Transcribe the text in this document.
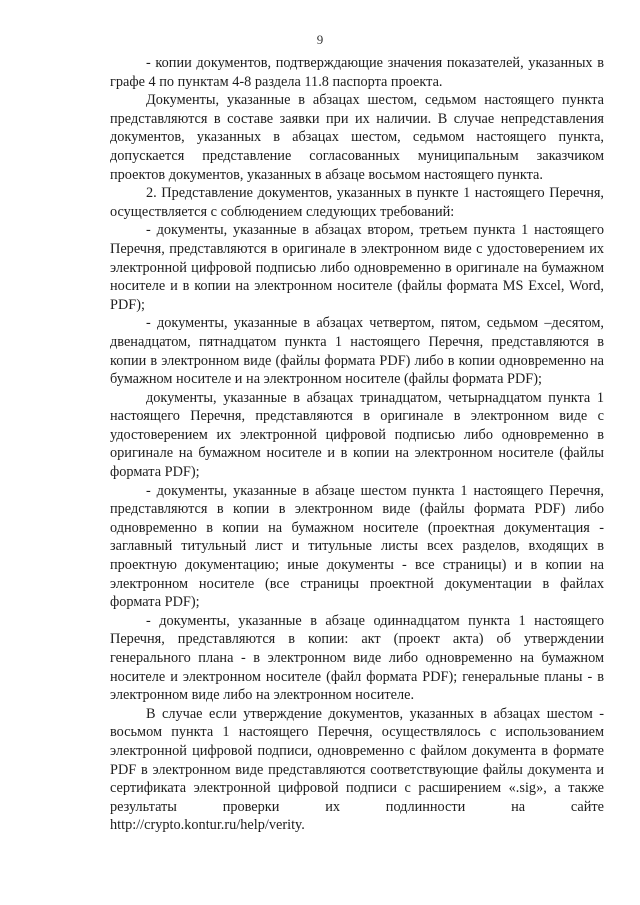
9

- копии документов, подтверждающие значения показателей, указанных в графе 4 по пунктам 4-8 раздела 11.8 паспорта проекта.

Документы, указанные в абзацах шестом, седьмом настоящего пункта представляются в составе заявки при их наличии. В случае непредставления документов, указанных в абзацах шестом, седьмом настоящего пункта, допускается представление согласованных муниципальным заказчиком проектов документов, указанных в абзаце восьмом настоящего пункта.

2. Представление документов, указанных в пункте 1 настоящего Перечня, осуществляется с соблюдением следующих требований:

- документы, указанные в абзацах втором, третьем пункта 1 настоящего Перечня, представляются в оригинале в электронном виде с удостоверением их электронной цифровой подписью либо одновременно в оригинале на бумажном носителе и в копии на электронном носителе (файлы формата MS Excel, Word, PDF);

- документы, указанные в абзацах четвертом, пятом, седьмом –десятом, двенадцатом, пятнадцатом пункта 1 настоящего Перечня, представляются в копии в электронном виде (файлы формата PDF) либо в копии одновременно на бумажном носителе и на электронном носителе (файлы формата PDF);

документы, указанные в абзацах тринадцатом, четырнадцатом пункта 1 настоящего Перечня, представляются в оригинале в электронном виде с удостоверением их электронной цифровой подписью либо одновременно в оригинале на бумажном носителе и в копии на электронном носителе (файлы формата PDF);

- документы, указанные в абзаце шестом пункта 1 настоящего Перечня, представляются в копии в электронном виде (файлы формата PDF) либо одновременно в копии на бумажном носителе (проектная документация - заглавный титульный лист и титульные листы всех разделов, входящих в проектную документацию; иные документы - все страницы) и в копии на электронном носителе (все страницы проектной документации в файлах формата PDF);

- документы, указанные в абзаце одиннадцатом пункта 1 настоящего Перечня, представляются в копии: акт (проект акта) об утверждении генерального плана - в электронном виде либо одновременно на бумажном носителе и электронном носителе (файл формата PDF); генеральные планы - в электронном виде либо на электронном носителе.

В случае если утверждение документов, указанных в абзацах шестом - восьмом пункта 1 настоящего Перечня, осуществлялось с использованием электронной цифровой подписи, одновременно с файлом документа в формате PDF в электронном виде представляются соответствующие файлы документа и сертификата электронной цифровой подписи с расширением «.sig», а также результаты проверки их подлинности на сайте

http://crypto.kontur.ru/help/verity.
